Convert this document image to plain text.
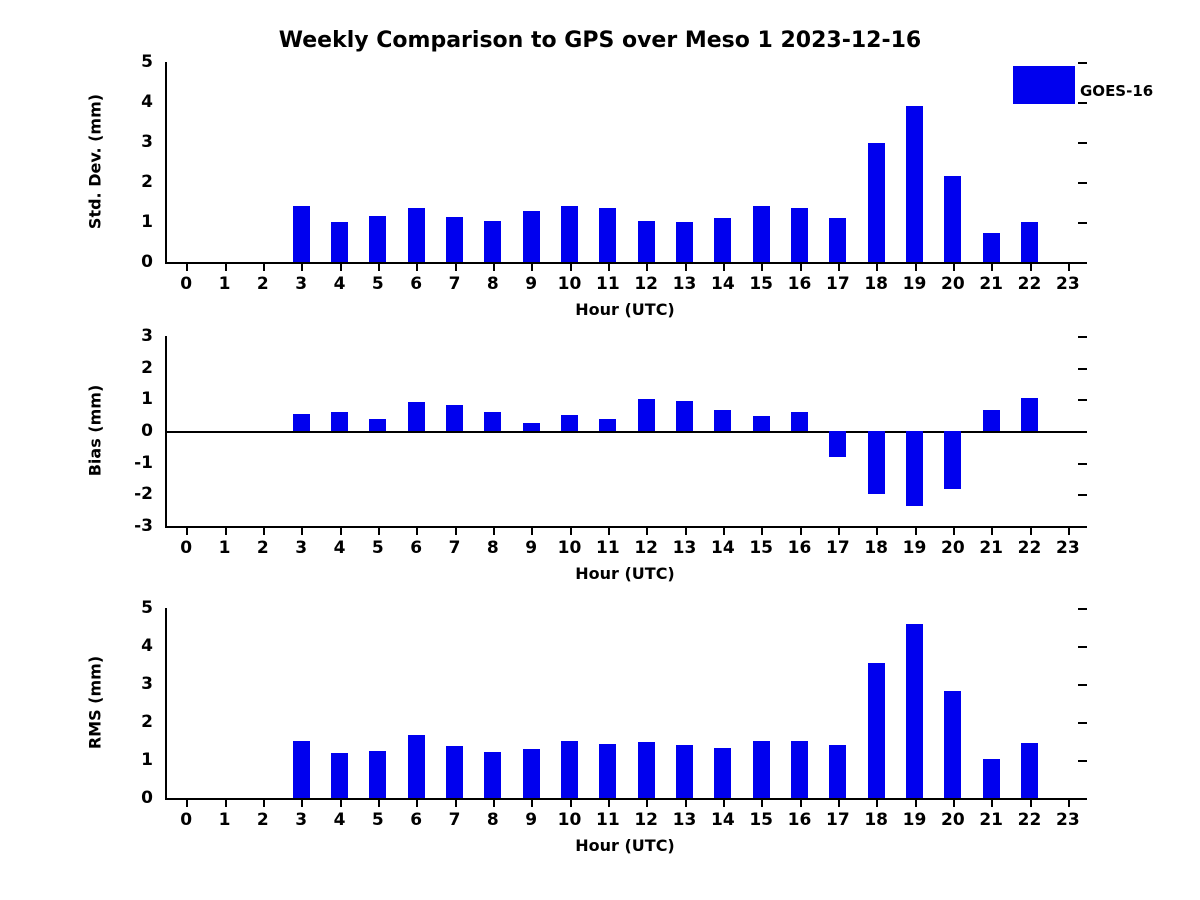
Weekly Comparison to GPS over Meso 1 2023-12-16
0
1
2
3
4
5
0 1 2 3 4 5 6 7 8 9 10 11 12 13 14 15 16 17 18 19 20 21 22 23
Hour (UTC)
Std. Dev. (mm)
GOES-16
-3
-2
-1
0
1
2
3
0 1 2 3 4 5 6 7 8 9 10 11 12 13 14 15 16 17 18 19 20 21 22 23
Hour (UTC)
Bias (mm)
0
1
2
3
4
5
0 1 2 3 4 5 6 7 8 9 10 11 12 13 14 15 16 17 18 19 20 21 22 23
Hour (UTC)
RMS (mm)
